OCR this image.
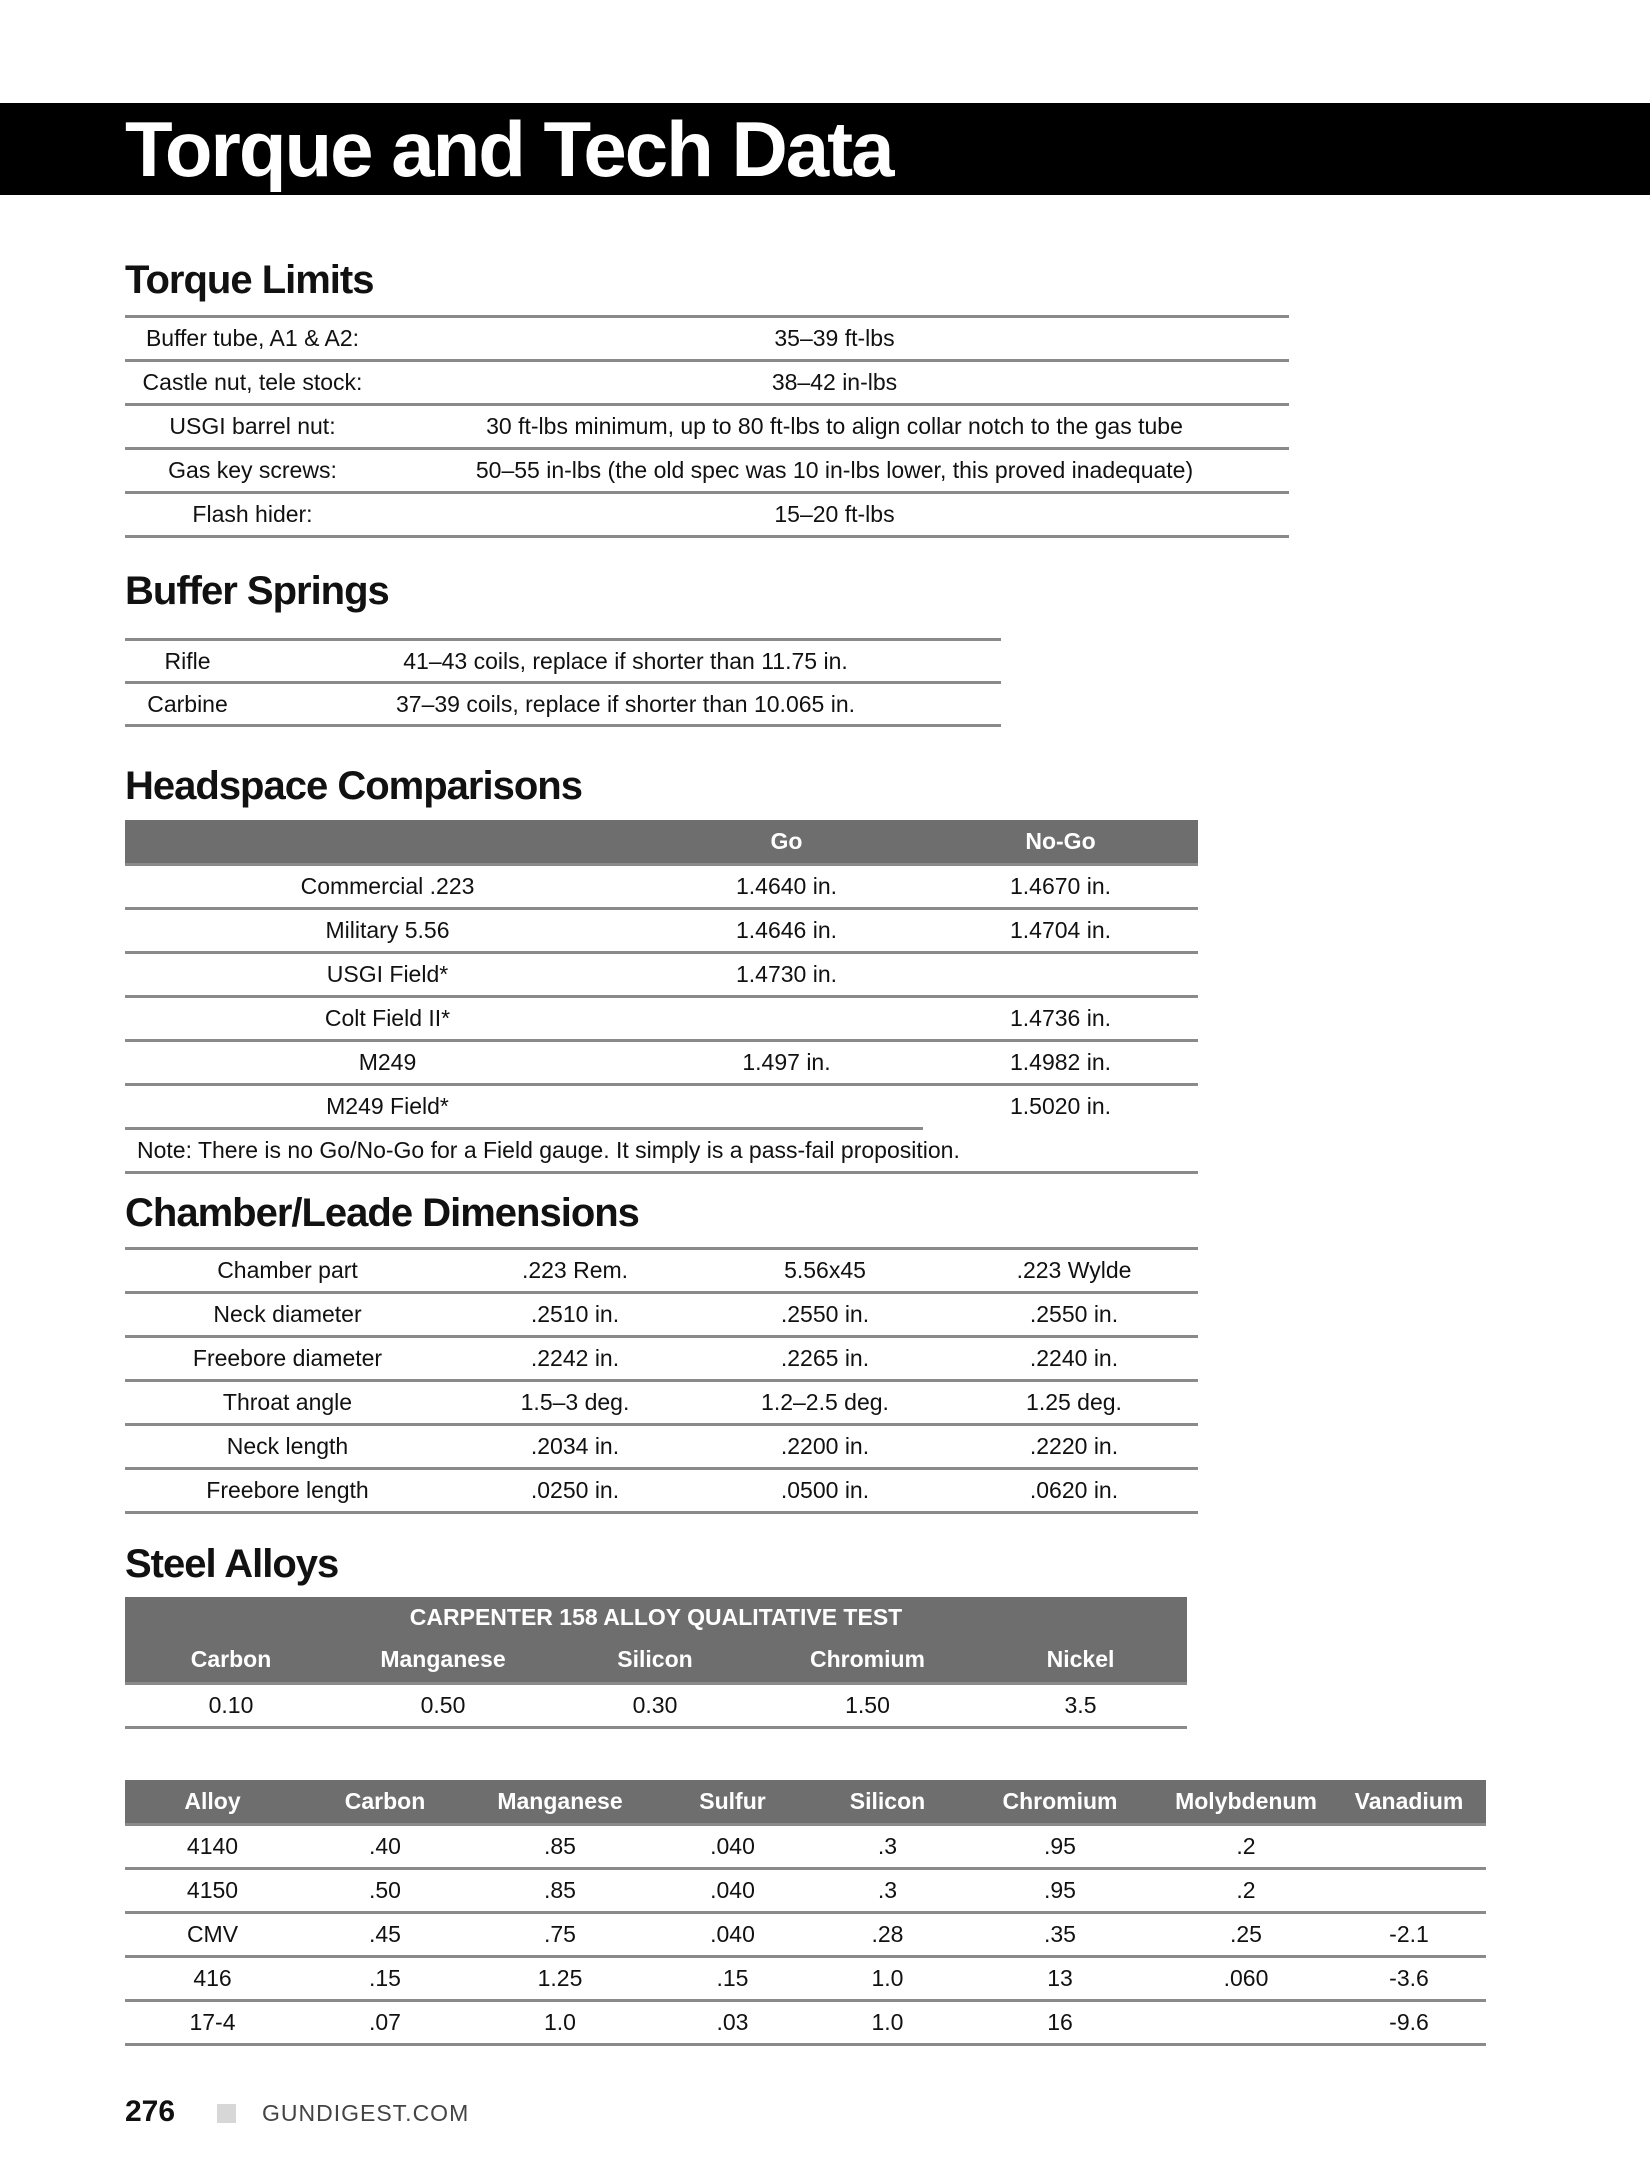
Torque and Tech Data
Torque Limits
Buffer tube, A1 & A2:	35–39 ft-lbs
Castle nut, tele stock:	38–42 in-lbs
USGI barrel nut:	30 ft-lbs minimum, up to 80 ft-lbs to align collar notch to the gas tube
Gas key screws:	50–55 in-lbs (the old spec was 10 in-lbs lower, this proved inadequate)
Flash hider:	15–20 ft-lbs
Buffer Springs
Rifle	41–43 coils, replace if shorter than 11.75 in.
Carbine	37–39 coils, replace if shorter than 10.065 in.
Headspace Comparisons
	Go	No-Go
Commercial .223	1.4640 in.	1.4670 in.
Military 5.56	1.4646 in.	1.4704 in.
USGI Field*	1.4730 in.	
Colt Field II*		1.4736 in.
M249	1.497 in.	1.4982 in.
M249 Field*		1.5020 in.
Note: There is no Go/No-Go for a Field gauge. It simply is a pass-fail proposition.		
Chamber/Leade Dimensions
Chamber part	.223 Rem.	5.56x45	.223 Wylde
Neck diameter	.2510 in.	.2550 in.	.2550 in.
Freebore diameter	.2242 in.	.2265 in.	.2240 in.
Throat angle	1.5–3 deg.	1.2–2.5 deg.	1.25 deg.
Neck length	.2034 in.	.2200 in.	.2220 in.
Freebore length	.0250 in.	.0500 in.	.0620 in.
Steel Alloys
CARPENTER 158 ALLOY QUALITATIVE TEST				
Carbon	Manganese	Silicon	Chromium	Nickel
0.10	0.50	0.30	1.50	3.5
Alloy	Carbon	Manganese	Sulfur	Silicon	Chromium	Molybdenum	Vanadium
4140	.40	.85	.040	.3	.95	.2	
4150	.50	.85	.040	.3	.95	.2	
CMV	.45	.75	.040	.28	.35	.25	-2.1
416	.15	1.25	.15	1.0	13	.060	-3.6
17-4	.07	1.0	.03	1.0	16		-9.6
276	GUNDIGEST.COM
